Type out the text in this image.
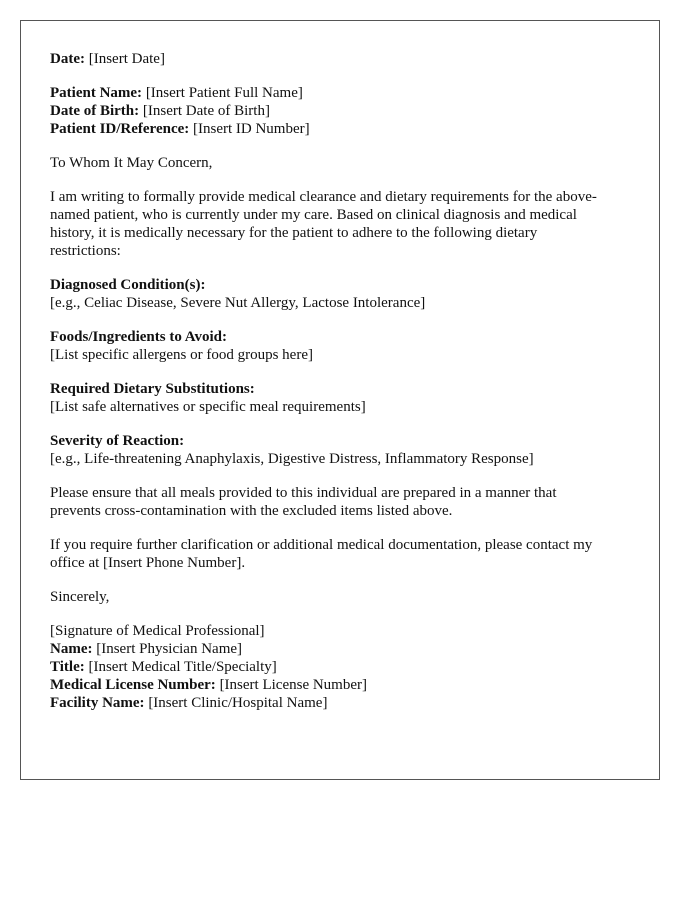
Date: [Insert Date]
Patient Name: [Insert Patient Full Name]
Date of Birth: [Insert Date of Birth]
Patient ID/Reference: [Insert ID Number]
To Whom It May Concern,
I am writing to formally provide medical clearance and dietary requirements for the above-
named patient, who is currently under my care. Based on clinical diagnosis and medical
history, it is medically necessary for the patient to adhere to the following dietary
restrictions:
Diagnosed Condition(s):
[e.g., Celiac Disease, Severe Nut Allergy, Lactose Intolerance]
Foods/Ingredients to Avoid:
[List specific allergens or food groups here]
Required Dietary Substitutions:
[List safe alternatives or specific meal requirements]
Severity of Reaction:
[e.g., Life-threatening Anaphylaxis, Digestive Distress, Inflammatory Response]
Please ensure that all meals provided to this individual are prepared in a manner that
prevents cross-contamination with the excluded items listed above.
If you require further clarification or additional medical documentation, please contact my
office at [Insert Phone Number].
Sincerely,
[Signature of Medical Professional]
Name: [Insert Physician Name]
Title: [Insert Medical Title/Specialty]
Medical License Number: [Insert License Number]
Facility Name: [Insert Clinic/Hospital Name]
